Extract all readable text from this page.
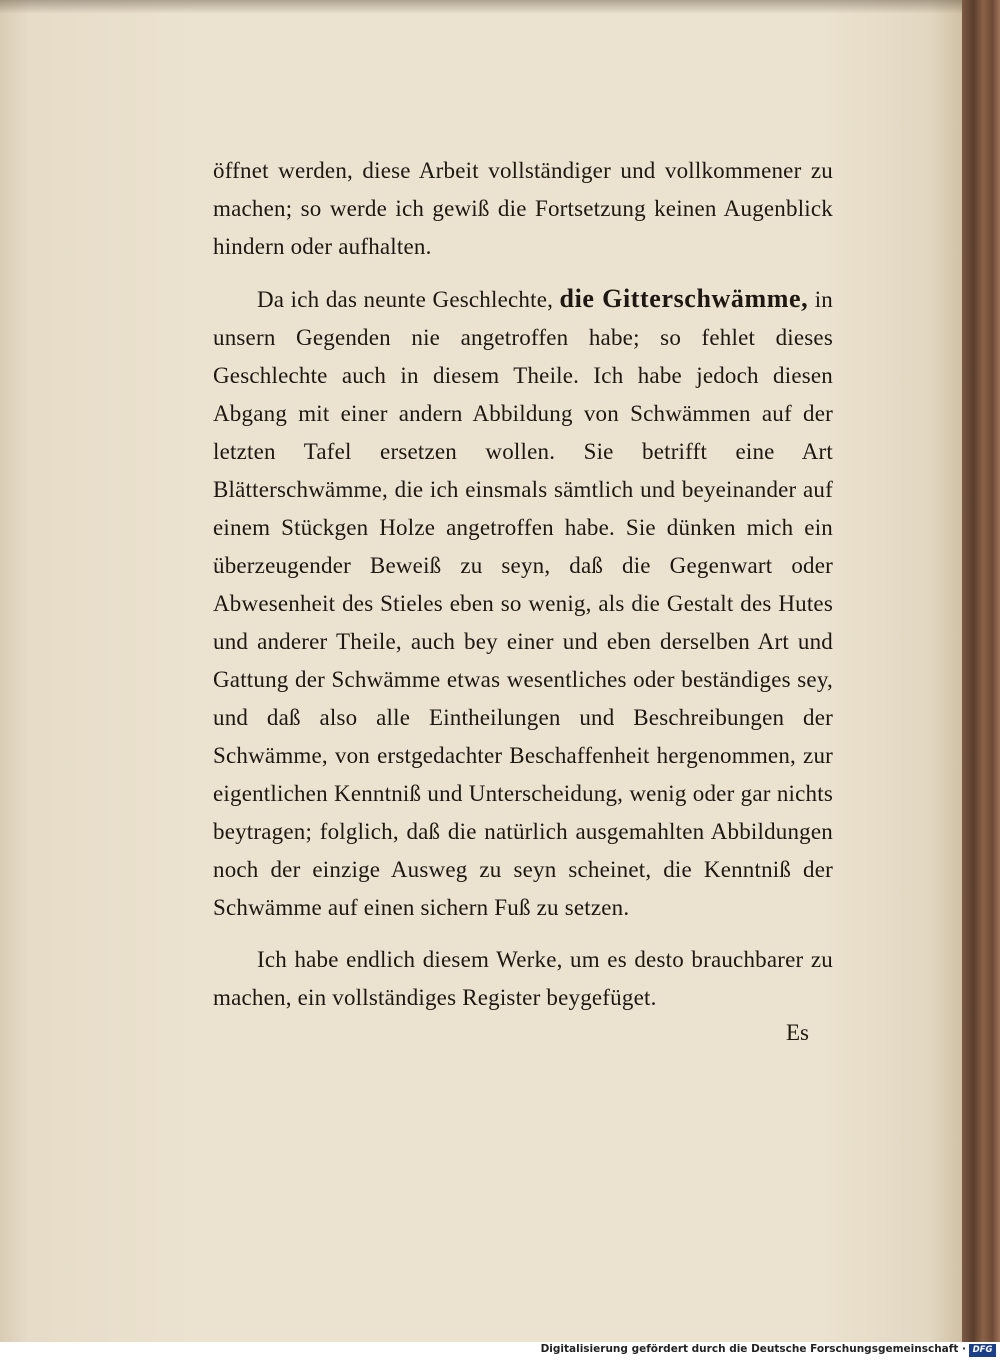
öffnet werden, diese Arbeit vollständiger und vollkommener zu machen; so werde ich gewiß die Fortsetzung keinen Augenblick hindern oder aufhalten.

Da ich das neunte Geschlechte, die Gitterschwämme, in unsern Gegenden nie angetroffen habe; so fehlet dieses Geschlechte auch in diesem Theile. Ich habe jedoch diesen Abgang mit einer andern Abbildung von Schwämmen auf der letzten Tafel ersetzen wollen. Sie betrifft eine Art Blätterschwämme, die ich einsmals sämtlich und beyeinander auf einem Stückgen Holze angetroffen habe. Sie dünken mich ein überzeugender Beweiß zu seyn, daß die Gegenwart oder Abwesenheit des Stieles eben so wenig, als die Gestalt des Hutes und anderer Theile, auch bey einer und eben derselben Art und Gattung der Schwämme etwas wesentliches oder beständiges sey, und daß also alle Eintheilungen und Beschreibungen der Schwämme, von erstgedachter Beschaffenheit hergenommen, zur eigentlichen Kenntniß und Unterscheidung, wenig oder gar nichts beytragen; folglich, daß die natürlich ausgemahlten Abbildungen noch der einzige Ausweg zu seyn scheinet, die Kenntniß der Schwämme auf einen sichern Fuß zu setzen.

Ich habe endlich diesem Werke, um es desto brauchbarer zu machen, ein vollständiges Register beygefüget.

Es
Digitalisierung gefördert durch die Deutsche Forschungsgemeinschaft · DFG
